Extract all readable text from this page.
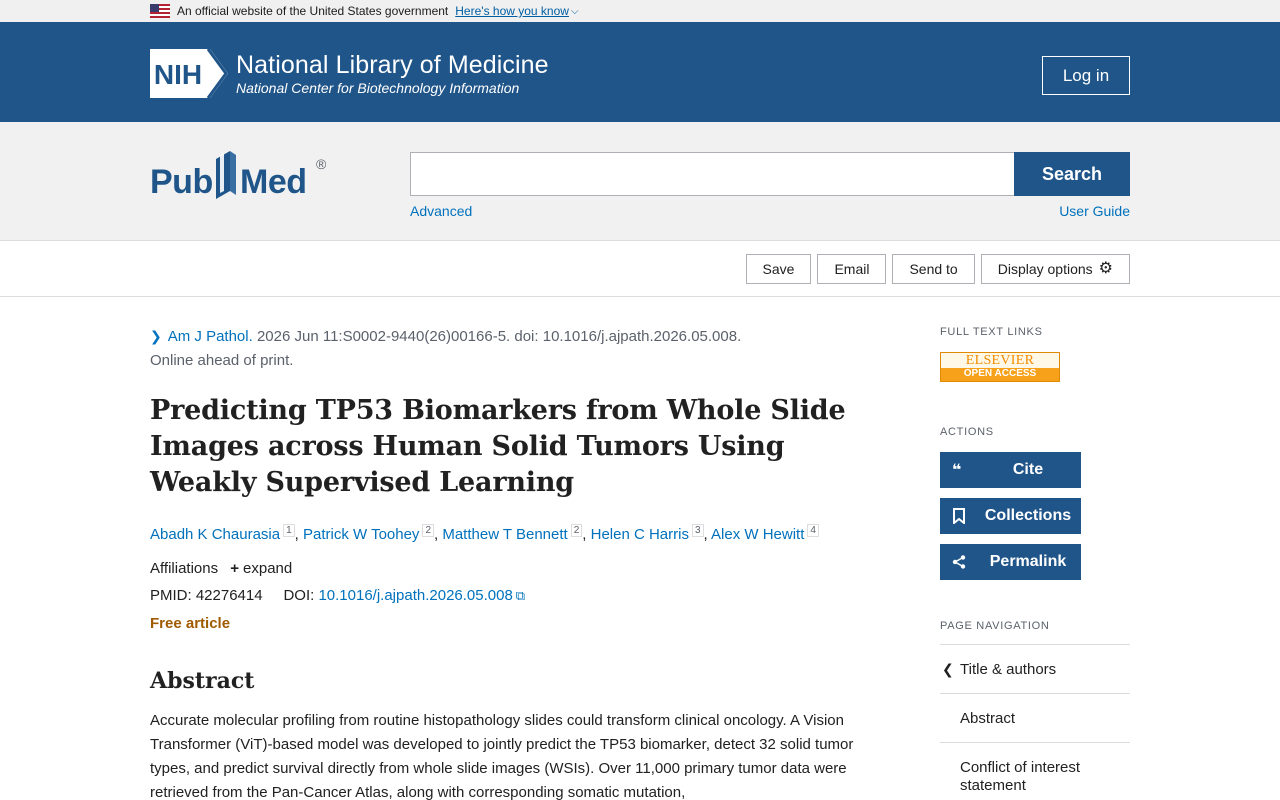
An official website of the United States government Here's how you know ⌵
NIH National Library of Medicine
National Center for Biotechnology Information
Log in
Pub Med ®	Search
Advanced	User Guide
Save	Email	Send to	Display options ⚙
❯ Am J Pathol. 2026 Jun 11:S0002-9440(26)00166-5. doi: 10.1016/j.ajpath.2026.05.008.
Online ahead of print.
Predicting TP53 Biomarkers from Whole Slide Images across Human Solid Tumors Using Weakly Supervised Learning
Abadh K Chaurasia $^1$ , Patrick W Toohey $^2$ , Matthew T Bennett $^2$ , Helen C Harris $^3$ , Alex W Hewitt $^4$
Affiliations + expand
PMID: 42276414 DOI: 10.1016/j.ajpath.2026.05.008 ⧉
Free article
Abstract

Accurate molecular profiling from routine histopathology slides could transform clinical oncology. A Vision Transformer (ViT)-based model was developed to jointly predict the TP53 biomarker, detect 32 solid tumor types, and predict survival directly from whole slide images (WSIs). Over 11,000 primary tumor data were retrieved from the Pan-Cancer Atlas, along with corresponding somatic mutation,

FULL TEXT LINKS
ELSEVIER
OPEN ACCESS
ACTIONS
❝	Cite
Collections
Permalink
PAGE NAVIGATION
❮ Title & authors
Abstract
Conflict of interest statement
